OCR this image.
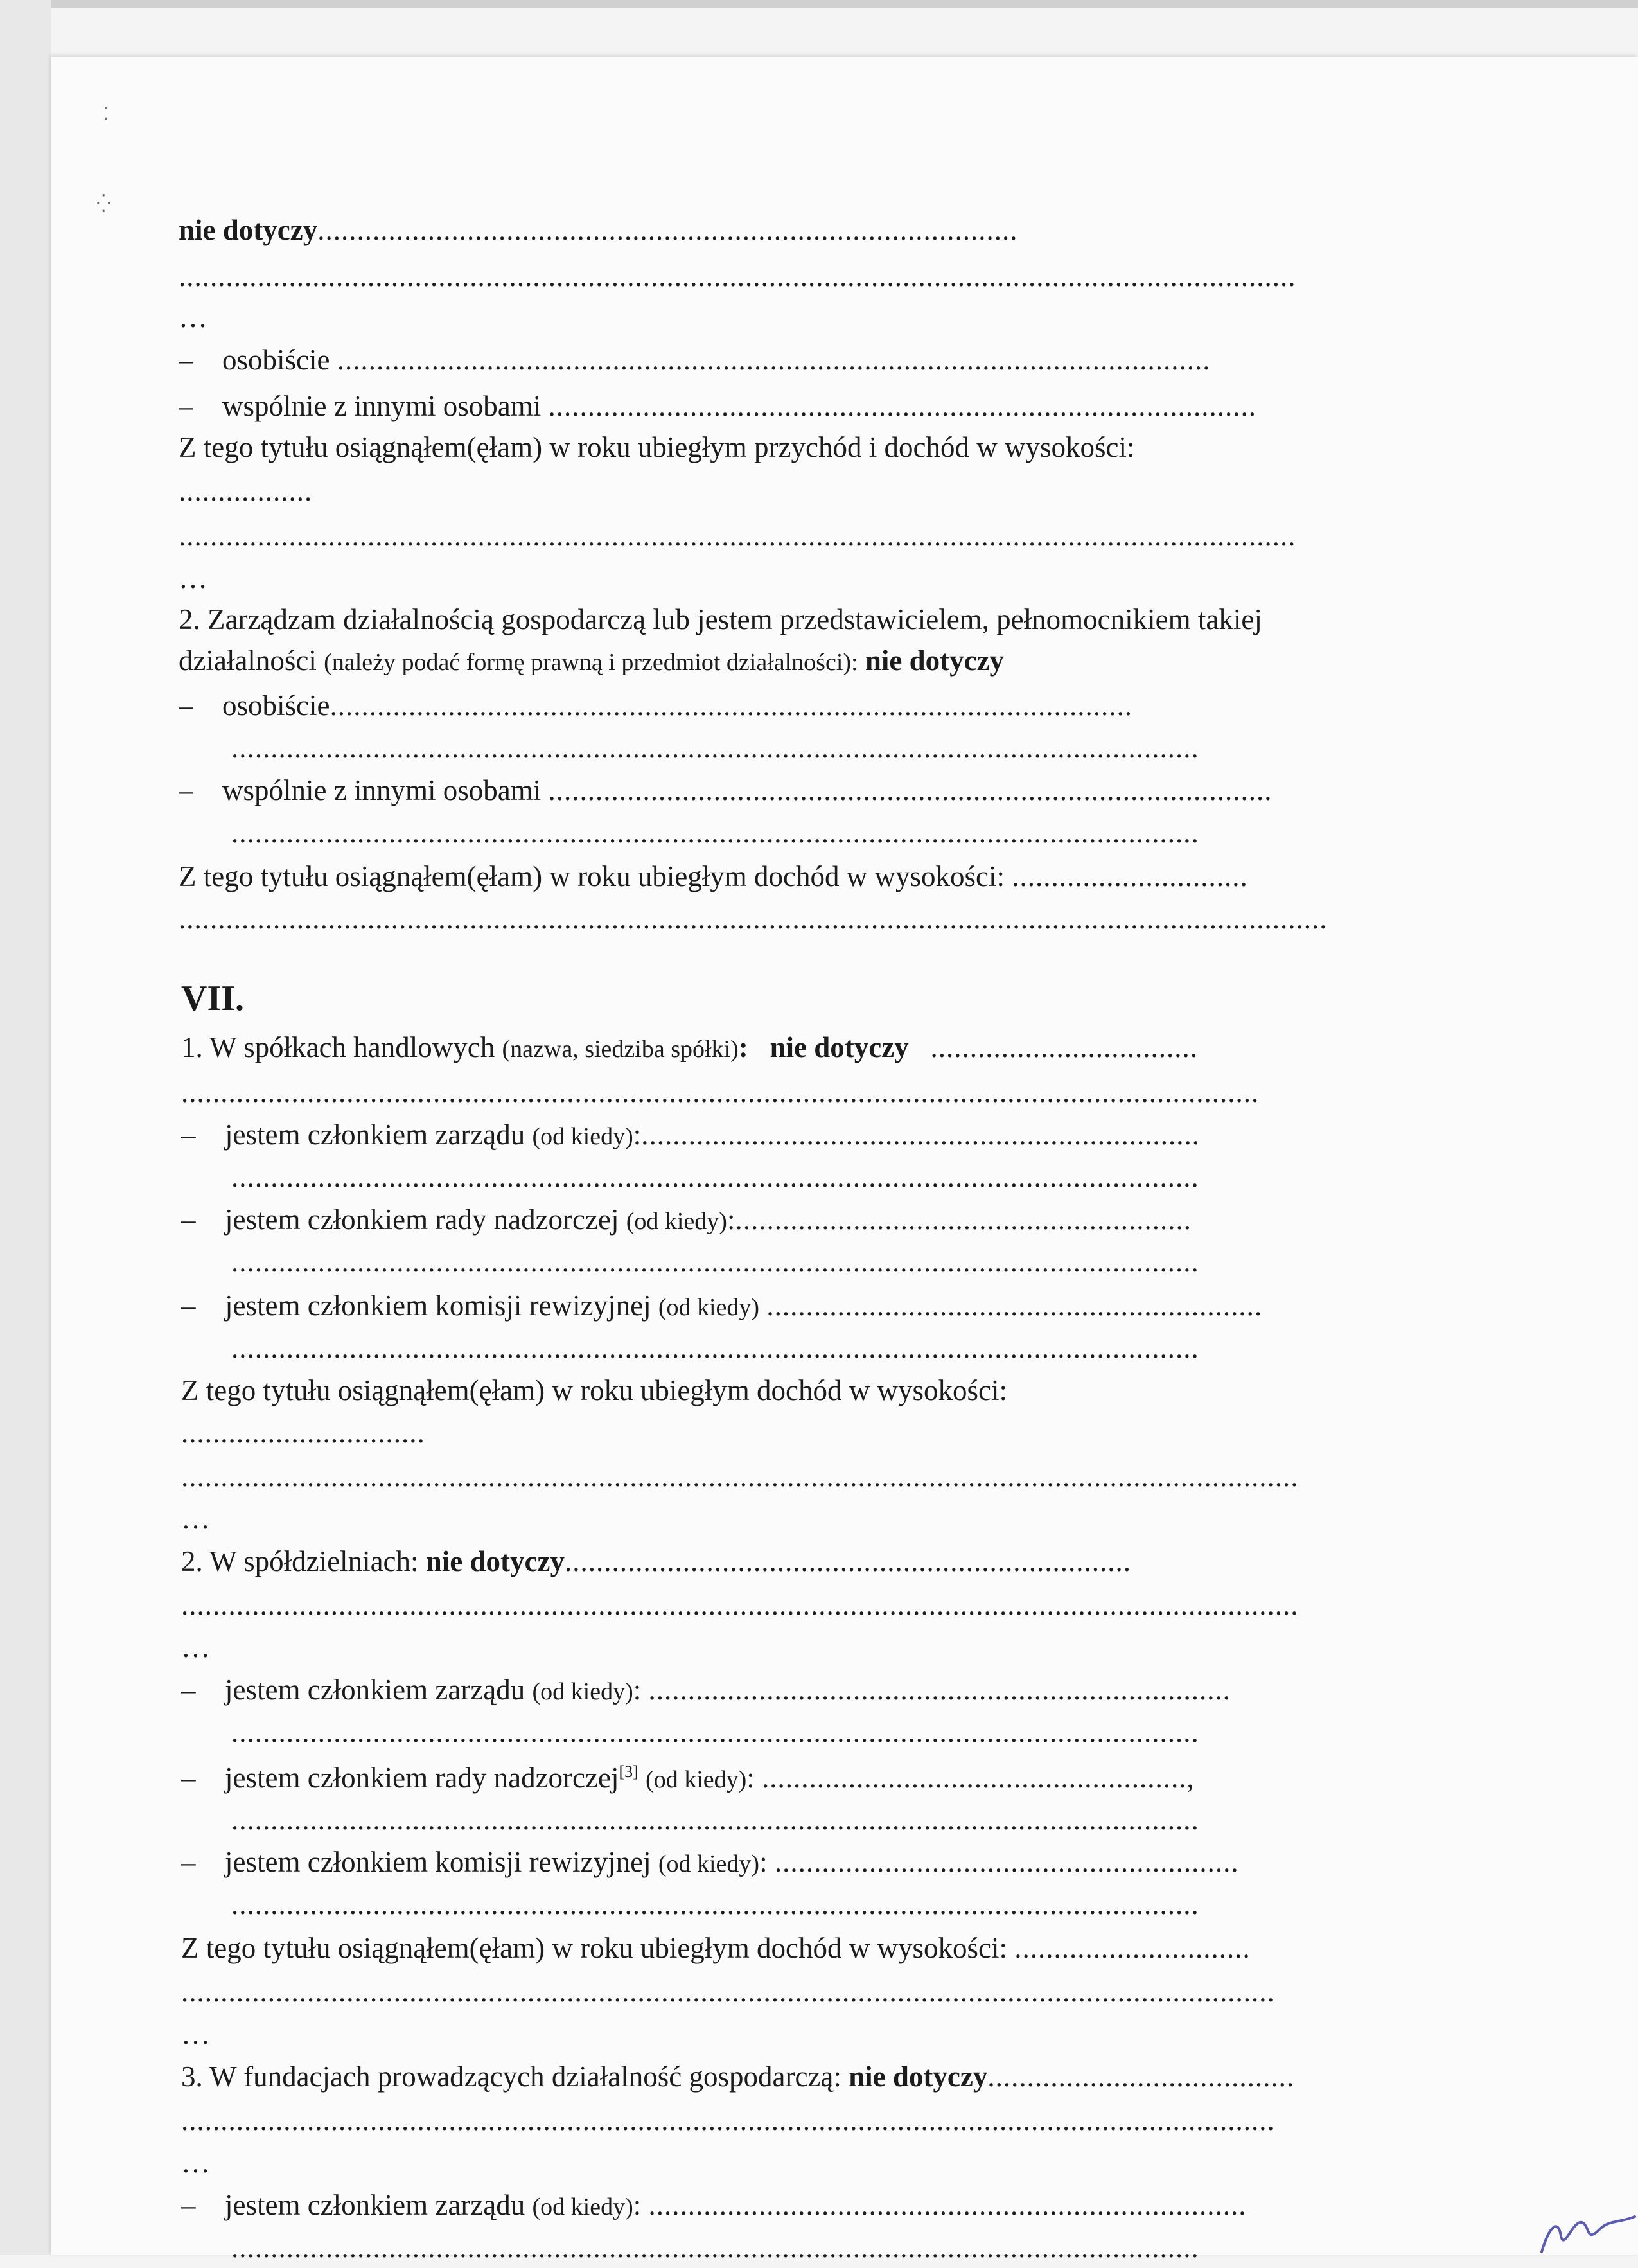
⁚
⁛
nie dotyczy.........................................................................................
..............................................................................................................................................
…
– osobiście ...............................................................................................................
– wspólnie z innymi osobami ..........................................................................................
Z tego tytułu osiągnąłem(ęłam) w roku ubiegłym przychód i dochód w wysokości:
.................
..............................................................................................................................................
…
2. Zarządzam działalnością gospodarczą lub jestem przedstawicielem, pełnomocnikiem takiej
działalności (należy podać formę prawną i przedmiot działalności): nie dotyczy
– osobiście......................................................................................................
...........................................................................................................................
– wspólnie z innymi osobami ............................................................................................
...........................................................................................................................
Z tego tytułu osiągnąłem(ęłam) w roku ubiegłym dochód w wysokości: ..............................
..................................................................................................................................................
VII.
1. W spółkach handlowych (nazwa, siedziba spółki): nie dotyczy ..................................
.........................................................................................................................................
– jestem członkiem zarządu (od kiedy):.......................................................................
...........................................................................................................................
– jestem członkiem rady nadzorczej (od kiedy):..........................................................
...........................................................................................................................
– jestem członkiem komisji rewizyjnej (od kiedy) ...............................................................
...........................................................................................................................
Z tego tytułu osiągnąłem(ęłam) w roku ubiegłym dochód w wysokości:
...............................
..............................................................................................................................................
…
2. W spółdzielniach: nie dotyczy........................................................................
..............................................................................................................................................
…
– jestem członkiem zarządu (od kiedy): ..........................................................................
...........................................................................................................................
– jestem członkiem rady nadzorczej[3] (od kiedy): ......................................................,
...........................................................................................................................
– jestem członkiem komisji rewizyjnej (od kiedy): ...........................................................
...........................................................................................................................
Z tego tytułu osiągnąłem(ęłam) w roku ubiegłym dochód w wysokości: ..............................
...........................................................................................................................................
…
3. W fundacjach prowadzących działalność gospodarczą: nie dotyczy.......................................
...........................................................................................................................................
…
– jestem członkiem zarządu (od kiedy): ............................................................................
...........................................................................................................................
